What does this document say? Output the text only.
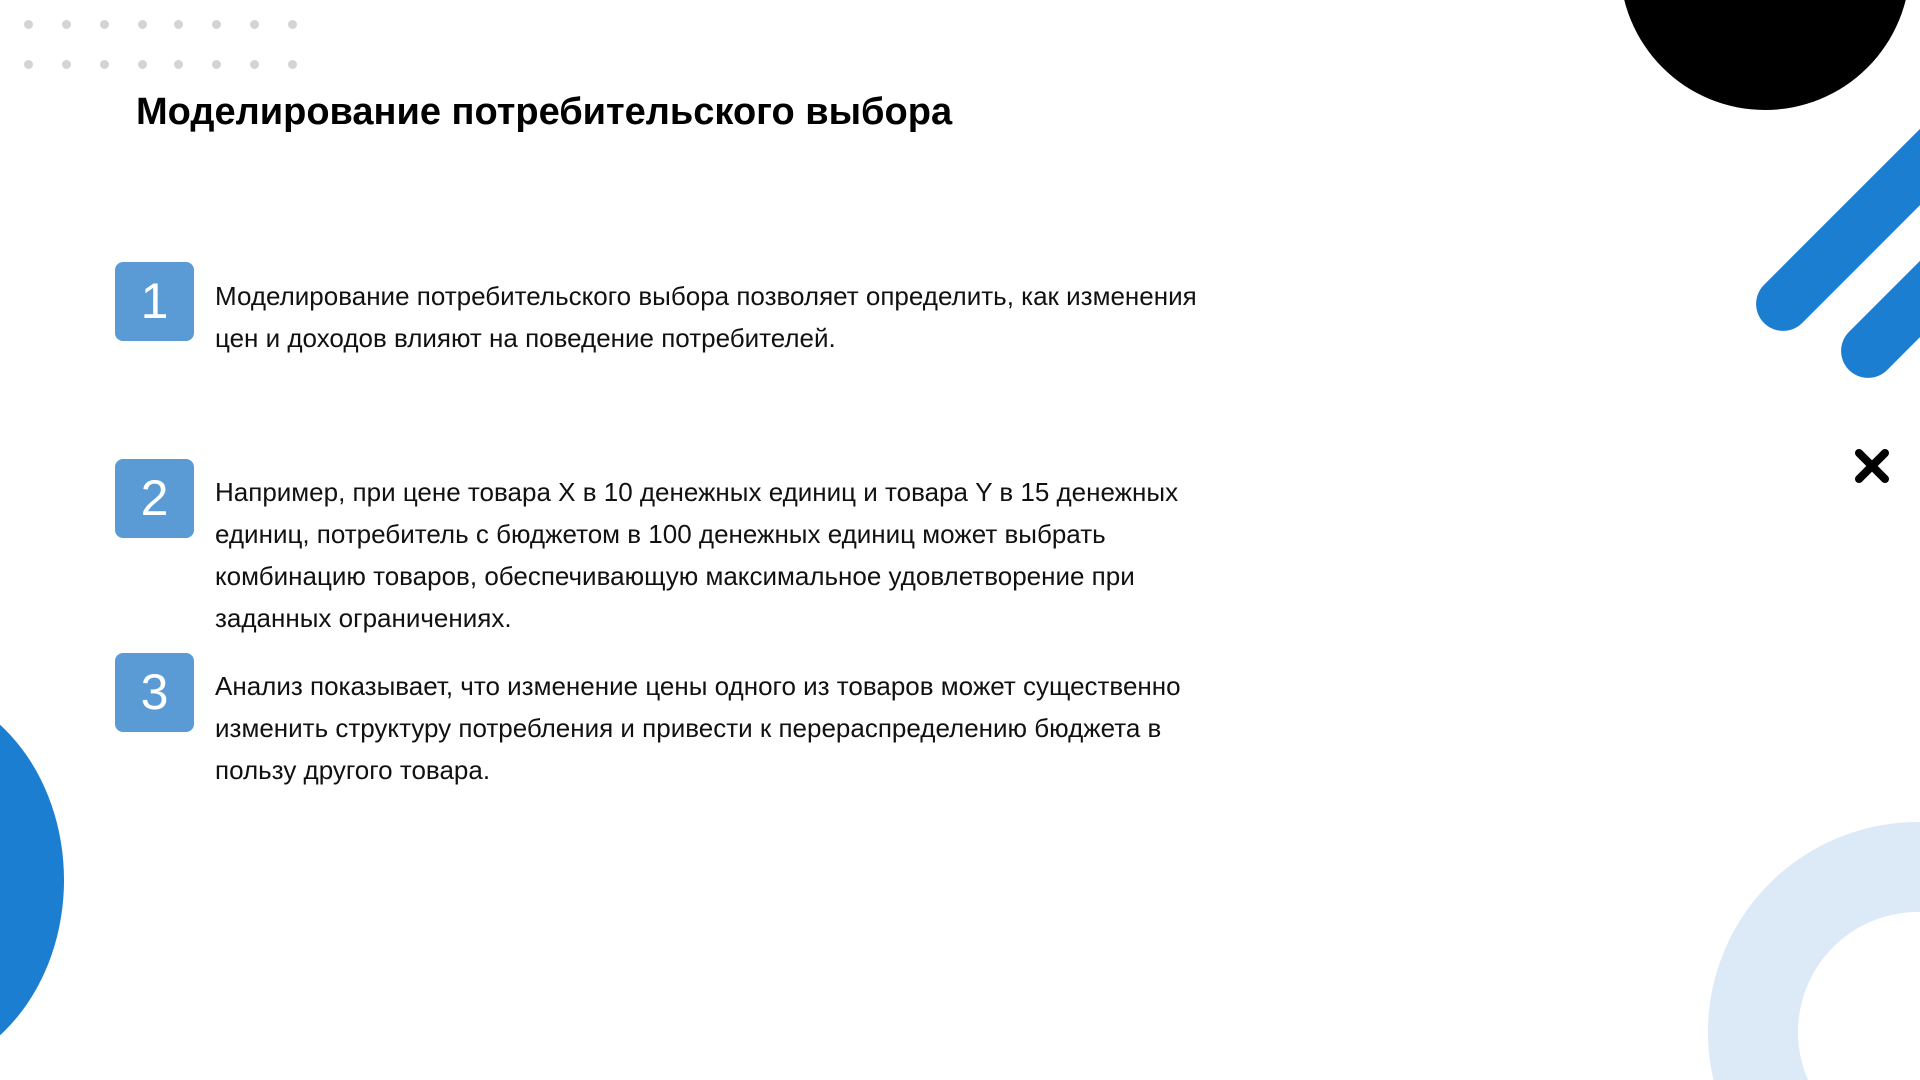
Моделирование потребительского выбора
1	Моделирование потребительского выбора позволяет определить, как изменения цен и доходов влияют на поведение потребителей.

2	Например, при цене товара X в 10 денежных единиц и товара Y в 15 денежных единиц, потребитель с бюджетом в 100 денежных единиц может выбрать комбинацию товаров, обеспечивающую максимальное удовлетворение при заданных ограничениях.

3	Анализ показывает, что изменение цены одного из товаров может существенно изменить структуру потребления и привести к перераспределению бюджета в пользу другого товара.
